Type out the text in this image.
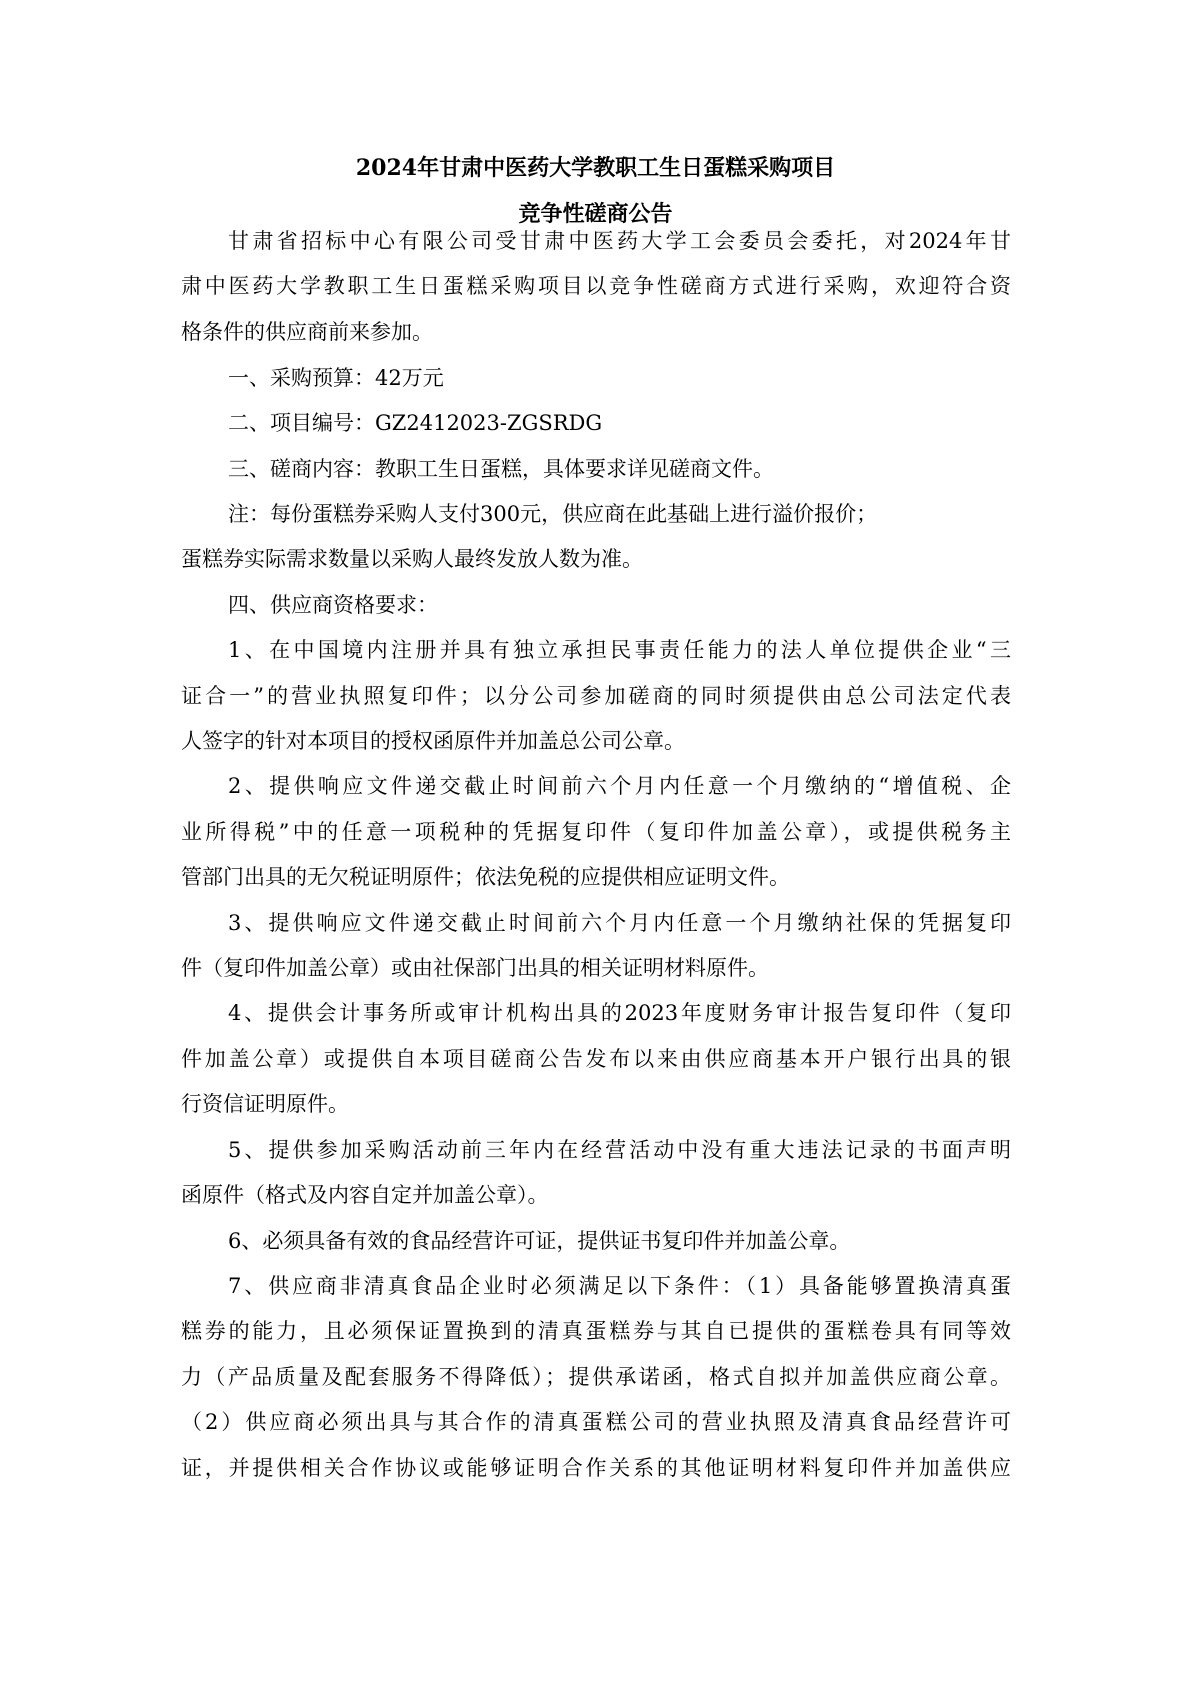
2024年甘肃中医药大学教职工生日蛋糕采购项目
竞争性磋商公告
甘肃省招标中心有限公司受甘肃中医药大学工会委员会委托，对2024年甘
肃中医药大学教职工生日蛋糕采购项目以竞争性磋商方式进行采购，欢迎符合资
格条件的供应商前来参加。
一、采购预算：42万元
二、项目编号：GZ2412023-ZGSRDG
三、磋商内容：教职工生日蛋糕，具体要求详见磋商文件。
注：每份蛋糕券采购人支付300元，供应商在此基础上进行溢价报价；
蛋糕券实际需求数量以采购人最终发放人数为准。
四、供应商资格要求：
1、在中国境内注册并具有独立承担民事责任能力的法人单位提供企业“三
证合一”的营业执照复印件；以分公司参加磋商的同时须提供由总公司法定代表
人签字的针对本项目的授权函原件并加盖总公司公章。
2、提供响应文件递交截止时间前六个月内任意一个月缴纳的“增值税、企
业所得税”中的任意一项税种的凭据复印件（复印件加盖公章），或提供税务主
管部门出具的无欠税证明原件；依法免税的应提供相应证明文件。
3、提供响应文件递交截止时间前六个月内任意一个月缴纳社保的凭据复印
件（复印件加盖公章）或由社保部门出具的相关证明材料原件。
4、提供会计事务所或审计机构出具的2023年度财务审计报告复印件（复印
件加盖公章）或提供自本项目磋商公告发布以来由供应商基本开户银行出具的银
行资信证明原件。
5、提供参加采购活动前三年内在经营活动中没有重大违法记录的书面声明
函原件（格式及内容自定并加盖公章）。
6、必须具备有效的食品经营许可证，提供证书复印件并加盖公章。
7、供应商非清真食品企业时必须满足以下条件：（1）具备能够置换清真蛋
糕券的能力，且必须保证置换到的清真蛋糕券与其自已提供的蛋糕卷具有同等效
力（产品质量及配套服务不得降低）；提供承诺函，格式自拟并加盖供应商公章。
（2）供应商必须出具与其合作的清真蛋糕公司的营业执照及清真食品经营许可
证，并提供相关合作协议或能够证明合作关系的其他证明材料复印件并加盖供应
